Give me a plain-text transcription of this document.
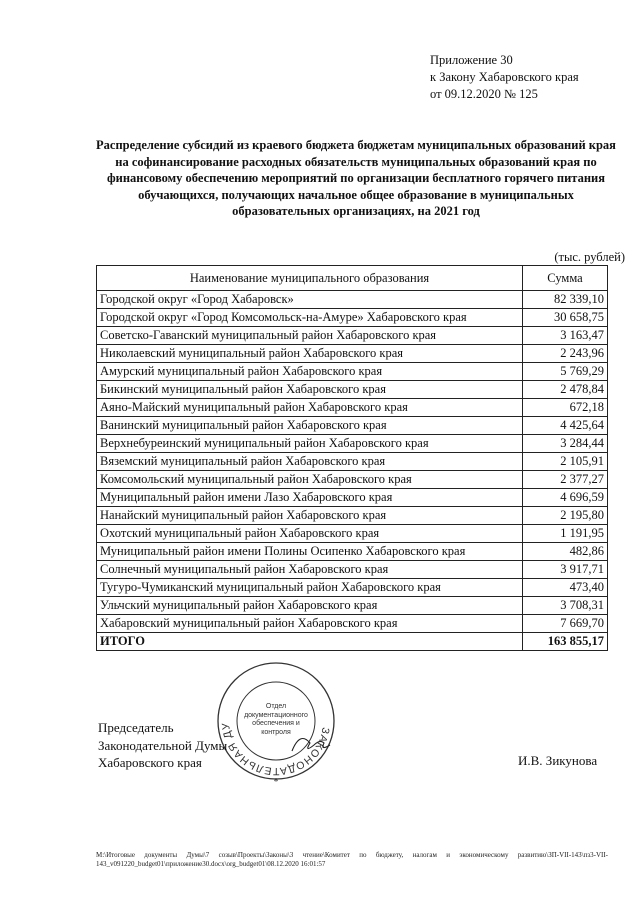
Приложение 30
к Закону Хабаровского края
от 09.12.2020 № 125
Распределение субсидий из краевого бюджета бюджетам муниципальных образований края на софинансирование расходных обязательств муниципальных образований края по финансовому обеспечению мероприятий по организации бесплатного горячего питания обучающихся, получающих начальное общее образование в муниципальных образовательных организациях, на 2021 год
(тыс. рублей)
Наименование муниципального образования	Сумма
Городской округ «Город Хабаровск»	82 339,10
Городской округ «Город Комсомольск-на-Амуре» Хабаровского края	30 658,75
Советско-Гаванский муниципальный район Хабаровского края	3 163,47
Николаевский муниципальный район Хабаровского края	2 243,96
Амурский муниципальный район Хабаровского края	5 769,29
Бикинский муниципальный район Хабаровского края	2 478,84
Аяно-Майский муниципальный район Хабаровского края	672,18
Ванинский муниципальный район Хабаровского края	4 425,64
Верхнебуреинский муниципальный район Хабаровского края	3 284,44
Вяземский муниципальный район Хабаровского края	2 105,91
Комсомольский муниципальный район Хабаровского края	2 377,27
Муниципальный район имени Лазо Хабаровского края	4 696,59
Нанайский муниципальный район Хабаровского края	2 195,80
Охотский муниципальный район Хабаровского края	1 191,95
Муниципальный район имени Полины Осипенко Хабаровского края	482,86
Солнечный муниципальный район Хабаровского края	3 917,71
Тугуро-Чумиканский муниципальный район Хабаровского края	473,40
Ульчский муниципальный район Хабаровского края	3 708,31
Хабаровский муниципальный район Хабаровского края	7 669,70
ИТОГО	163 855,17
ЗАКОНОДАТЕЛЬНАЯ ДУ
*
Отдел документационного обеспечения и контроля
Председатель
Законодательной Думы
Хабаровского края	И.В. Зикунова
M:\Итоговые документы Думы\7 созыв\Проекты\Законы\3 чтение\Комитет по бюджету, налогам и экономическому развитию\ЗП-VII-143\пз3-VII-143_v091220_budget01\приложение30.docx\org_budget01\08.12.2020 16:01:57
